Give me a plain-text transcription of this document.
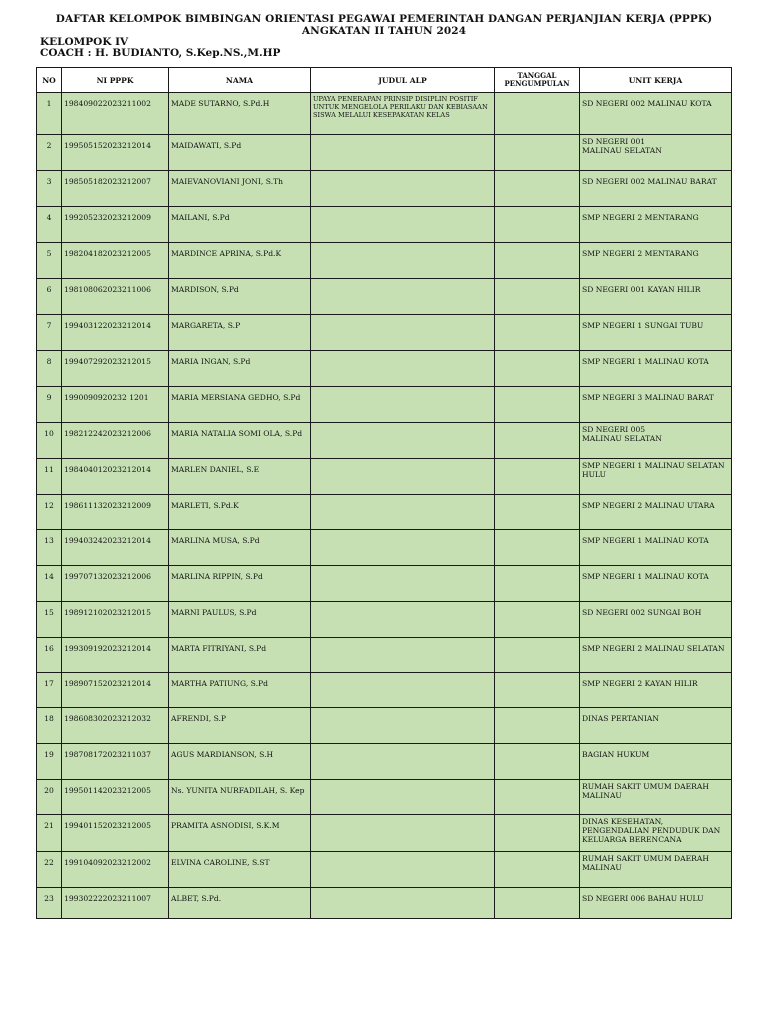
DAFTAR KELOMPOK BIMBINGAN ORIENTASI PEGAWAI PEMERINTAH DANGAN PERJANJIAN KERJA (PPPK)
ANGKATAN II TAHUN 2024
KELOMPOK IV
COACH : H. BUDIANTO, S.Kep.NS.,M.HP
NO	NI PPPK	NAMA	JUDUL ALP	TANGGAL PENGUMPULAN	UNIT KERJA
1	198409022023211002	MADE SUTARNO, S.Pd.H	UPAYA PENERAPAN PRINSIP DISIPLIN POSITIF UNTUK MENGELOLA PERILAKU DAN KEBIASAAN SISWA MELALUI KESEPAKATAN KELAS		SD NEGERI 002 MALINAU KOTA
2	199505152023212014	MAIDAWATI, S.Pd			SD NEGERI 001
MALINAU SELATAN
3	198505182023212007	MAIEVANOVIANI JONI, S.Th			SD NEGERI 002 MALINAU BARAT
4	199205232023212009	MAILANI, S.Pd			SMP NEGERI 2 MENTARANG
5	198204182023212005	MARDINCE APRINA, S.Pd.K			SMP NEGERI 2 MENTARANG
6	198108062023211006	MARDISON, S.Pd			SD NEGERI 001 KAYAN HILIR
7	199403122023212014	MARGARETA, S.P			SMP NEGERI 1 SUNGAI TUBU
8	199407292023212015	MARIA INGAN, S.Pd			SMP NEGERI 1 MALINAU KOTA
9	1990090920232 1201	MARIA MERSIANA GEDHO, S.Pd			SMP NEGERI 3 MALINAU BARAT
10	198212242023212006	MARIA NATALIA SOMI OLA, S.Pd			SD NEGERI 005
MALINAU SELATAN
11	198404012023212014	MARLEN DANIEL, S.E			SMP NEGERI 1 MALINAU SELATAN HULU
12	198611132023212009	MARLETI, S.Pd.K			SMP NEGERI 2 MALINAU UTARA
13	199403242023212014	MARLINA MUSA, S.Pd			SMP NEGERI 1 MALINAU KOTA
14	199707132023212006	MARLINA RIPPIN, S.Pd			SMP NEGERI 1 MALINAU KOTA
15	198912102023212015	MARNI PAULUS, S.Pd			SD NEGERI 002 SUNGAI BOH
16	199309192023212014	MARTA FITRIYANI, S.Pd			SMP NEGERI 2 MALINAU SELATAN
17	198907152023212014	MARTHA PATIUNG, S.Pd			SMP NEGERI 2 KAYAN HILIR
18	198608302023212032	AFRENDI, S.P			DINAS PERTANIAN
19	198708172023211037	AGUS MARDIANSON, S.H			BAGIAN HUKUM
20	199501142023212005	Ns. YUNITA NURFADILAH, S. Kep			RUMAH SAKIT UMUM DAERAH MALINAU
21	199401152023212005	PRAMITA ASNODISI, S.K.M			DINAS KESEHATAN, PENGENDALIAN PENDUDUK DAN KELUARGA BERENCANA
22	199104092023212002	ELVINA CAROLINE, S.ST			RUMAH SAKIT UMUM DAERAH MALINAU
23	199302222023211007	ALBET, S.Pd.			SD NEGERI 006 BAHAU HULU
